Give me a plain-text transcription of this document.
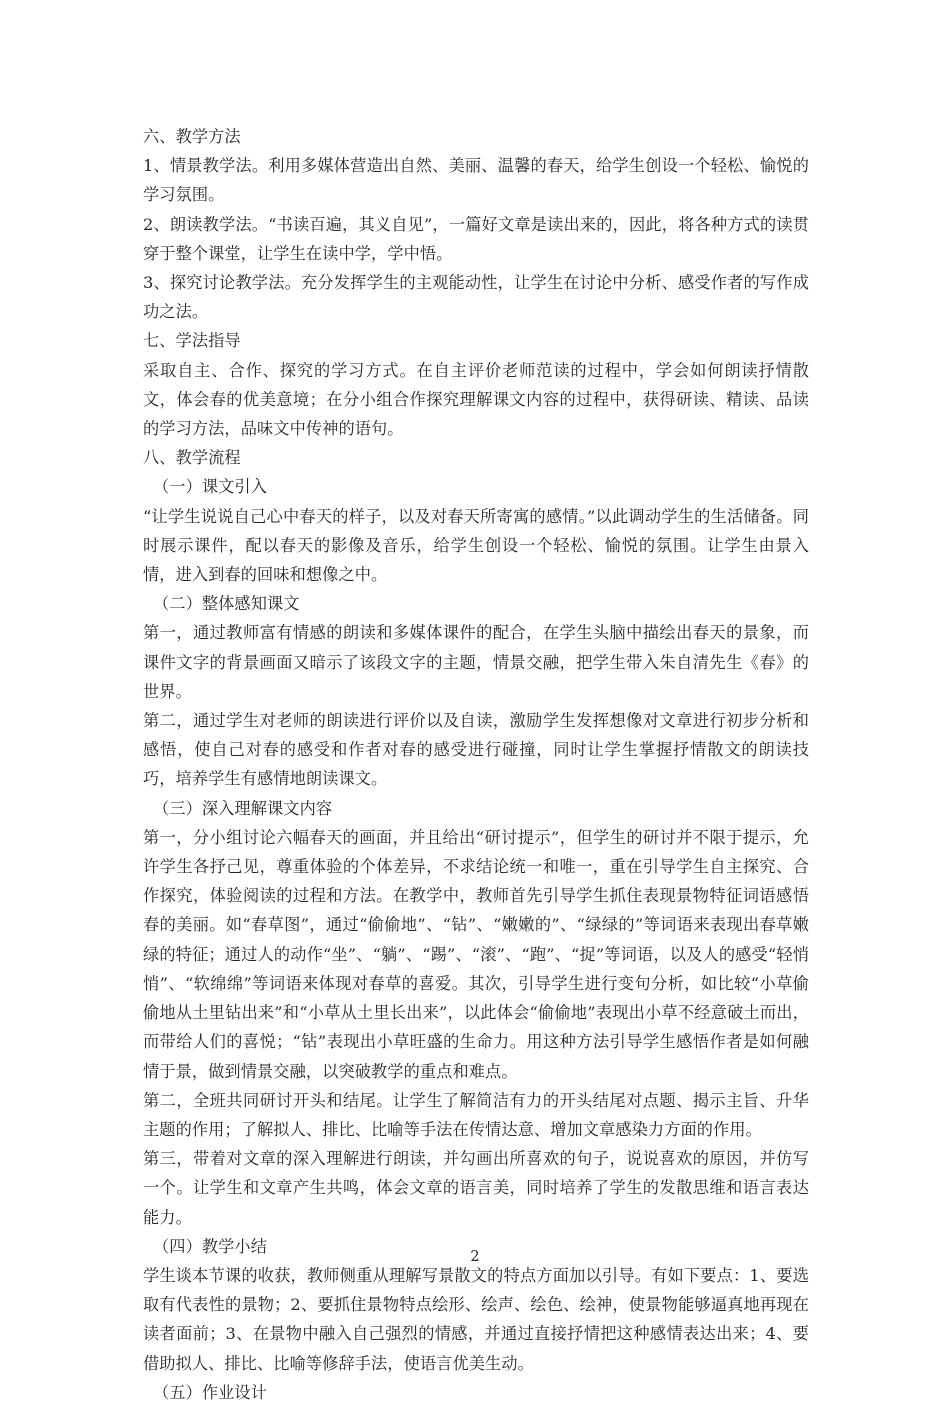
六、教学方法

1、情景教学法。利用多媒体营造出自然、美丽、温馨的春天，给学生创设一个轻松、愉悦的学习氛围。

2、朗读教学法。“书读百遍，其义自见”，一篇好文章是读出来的，因此，将各种方式的读贯穿于整个课堂，让学生在读中学，学中悟。

3、探究讨论教学法。充分发挥学生的主观能动性，让学生在讨论中分析、感受作者的写作成功之法。

七、学法指导

采取自主、合作、探究的学习方式。在自主评价老师范读的过程中，学会如何朗读抒情散文，体会春的优美意境；在分小组合作探究理解课文内容的过程中，获得研读、精读、品读的学习方法，品味文中传神的语句。

八、教学流程

（一）课文引入

“让学生说说自己心中春天的样子，以及对春天所寄寓的感情。”以此调动学生的生活储备。同时展示课件，配以春天的影像及音乐，给学生创设一个轻松、愉悦的氛围。让学生由景入情，进入到春的回味和想像之中。

（二）整体感知课文

第一，通过教师富有情感的朗读和多媒体课件的配合，在学生头脑中描绘出春天的景象，而课件文字的背景画面又暗示了该段文字的主题，情景交融，把学生带入朱自清先生《春》的世界。

第二，通过学生对老师的朗读进行评价以及自读，激励学生发挥想像对文章进行初步分析和感悟，使自己对春的感受和作者对春的感受进行碰撞，同时让学生掌握抒情散文的朗读技巧，培养学生有感情地朗读课文。

（三）深入理解课文内容

第一，分小组讨论六幅春天的画面，并且给出“研讨提示”，但学生的研讨并不限于提示，允许学生各抒己见，尊重体验的个体差异，不求结论统一和唯一，重在引导学生自主探究、合作探究，体验阅读的过程和方法。在教学中，教师首先引导学生抓住表现景物特征词语感悟春的美丽。如“春草图”，通过“偷偷地”、“钻”、“嫩嫩的”、“绿绿的”等词语来表现出春草嫩绿的特征；通过人的动作“坐”、“躺”、“踢”、“滚”、“跑”、“捉”等词语，以及人的感受“轻悄悄”、“软绵绵”等词语来体现对春草的喜爱。其次，引导学生进行变句分析，如比较“小草偷偷地从土里钻出来”和“小草从土里长出来”，以此体会“偷偷地”表现出小草不经意破土而出，而带给人们的喜悦；“钻”表现出小草旺盛的生命力。用这种方法引导学生感悟作者是如何融情于景，做到情景交融，以突破教学的重点和难点。

第二，全班共同研讨开头和结尾。让学生了解简洁有力的开头结尾对点题、揭示主旨、升华主题的作用；了解拟人、排比、比喻等手法在传情达意、增加文章感染力方面的作用。

第三，带着对文章的深入理解进行朗读，并勾画出所喜欢的句子，说说喜欢的原因，并仿写一个。让学生和文章产生共鸣，体会文章的语言美，同时培养了学生的发散思维和语言表达能力。

（四）教学小结

学生谈本节课的收获，教师侧重从理解写景散文的特点方面加以引导。有如下要点：1、要选取有代表性的景物；2、要抓住景物特点绘形、绘声、绘色、绘神，使景物能够逼真地再现在读者面前；3、在景物中融入自己强烈的情感，并通过直接抒情把这种感情表达出来；4、要借助拟人、排比、比喻等修辞手法，使语言优美生动。

（五）作业设计

2
